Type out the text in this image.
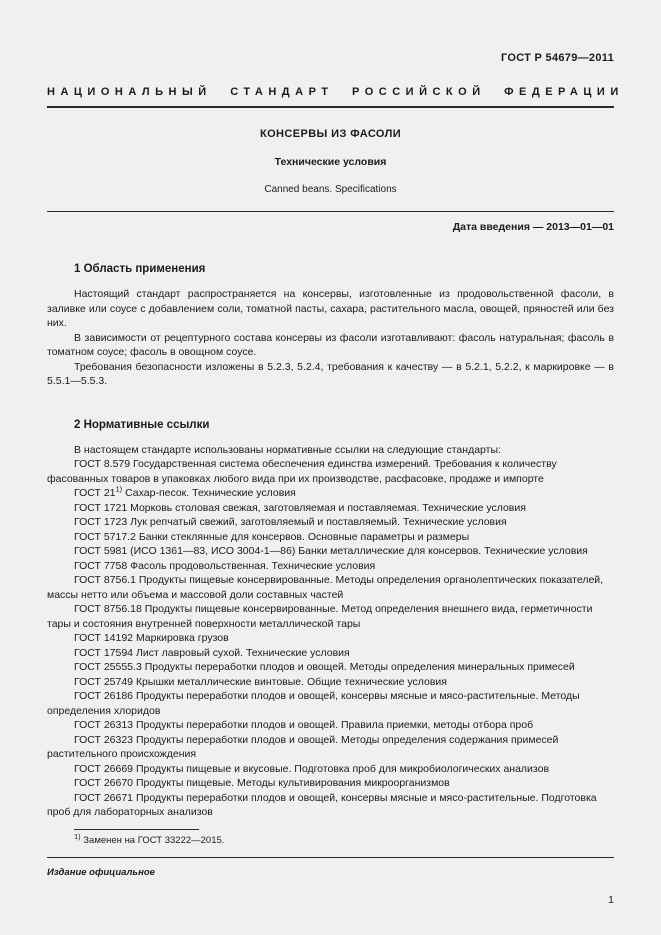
ГОСТ Р 54679—2011
НАЦИОНАЛЬНЫЙ СТАНДАРТ РОССИЙСКОЙ ФЕДЕРАЦИИ
КОНСЕРВЫ ИЗ ФАСОЛИ
Технические условия
Canned beans. Specifications
Дата введения — 2013—01—01
1 Область применения

Настоящий стандарт распространяется на консервы, изготовленные из продовольственной фасоли, в заливке или соусе с добавлением соли, томатной пасты, сахара, растительного масла, овощей, пряностей или без них.

В зависимости от рецептурного состава консервы из фасоли изготавливают: фасоль натуральная; фасоль в томатном соусе; фасоль в овощном соусе.

Требования безопасности изложены в 5.2.3, 5.2.4, требования к качеству — в 5.2.1, 5.2.2, к маркировке — в 5.5.1—5.5.3.

2 Нормативные ссылки

В настоящем стандарте использованы нормативные ссылки на следующие стандарты:

ГОСТ 8.579 Государственная система обеспечения единства измерений. Требования к количеству фасованных товаров в упаковках любого вида при их производстве, расфасовке, продаже и импорте

ГОСТ 21$^{1)}$ Сахар-песок. Технические условия

ГОСТ 1721 Морковь столовая свежая, заготовляемая и поставляемая. Технические условия

ГОСТ 1723 Лук репчатый свежий, заготовляемый и поставляемый. Технические условия

ГОСТ 5717.2 Банки стеклянные для консервов. Основные параметры и размеры

ГОСТ 5981 (ИСО 1361—83, ИСО 3004-1—86) Банки металлические для консервов. Технические условия

ГОСТ 7758 Фасоль продовольственная. Технические условия

ГОСТ 8756.1 Продукты пищевые консервированные. Методы определения органолептических показателей, массы нетто или объема и массовой доли составных частей

ГОСТ 8756.18 Продукты пищевые консервированные. Метод определения внешнего вида, герметичности тары и состояния внутренней поверхности металлической тары

ГОСТ 14192 Маркировка грузов

ГОСТ 17594 Лист лавровый сухой. Технические условия

ГОСТ 25555.3 Продукты переработки плодов и овощей. Методы определения минеральных примесей

ГОСТ 25749 Крышки металлические винтовые. Общие технические условия

ГОСТ 26186 Продукты переработки плодов и овощей, консервы мясные и мясо-растительные. Методы определения хлоридов

ГОСТ 26313 Продукты переработки плодов и овощей. Правила приемки, методы отбора проб

ГОСТ 26323 Продукты переработки плодов и овощей. Методы определения содержания примесей растительного происхождения

ГОСТ 26669 Продукты пищевые и вкусовые. Подготовка проб для микробиологических анализов

ГОСТ 26670 Продукты пищевые. Методы культивирования микроорганизмов

ГОСТ 26671 Продукты переработки плодов и овощей, консервы мясные и мясо-растительные. Подготовка проб для лабораторных анализов

$^{1)}$ Заменен на ГОСТ 33222—2015.

Издание официальное
1
